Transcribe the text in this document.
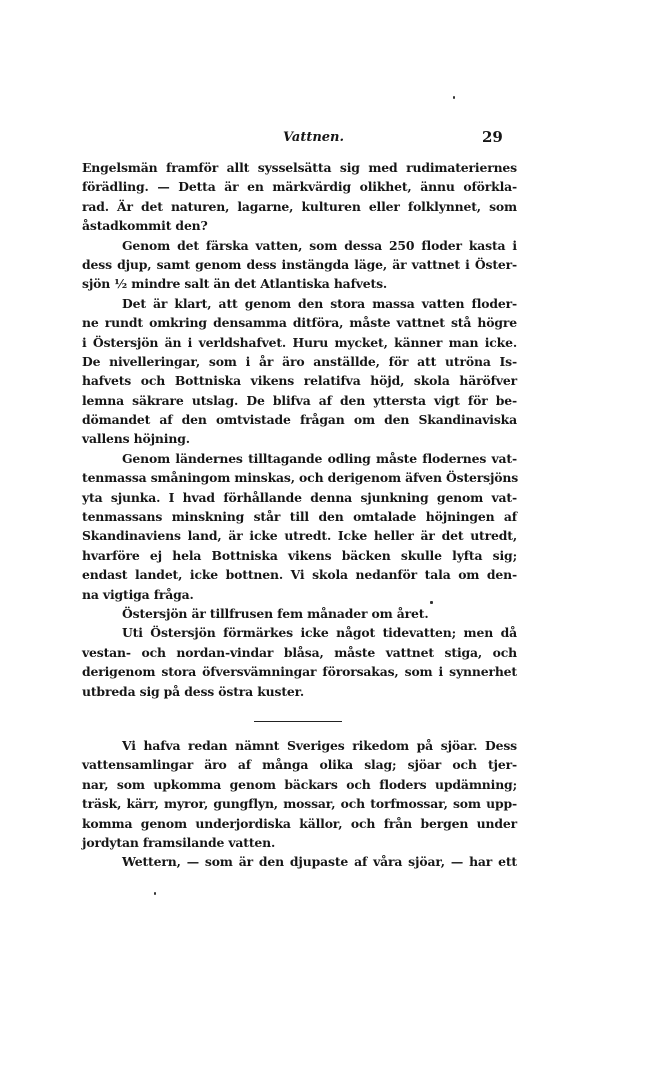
Vattnen.	29
Engelsmän framför allt sysselsätta sig med rudimateriernes
förädling. — Detta är en märkvärdig olikhet, ännu oförkla-
rad. Är det naturen, lagarne, kulturen eller folklynnet, som
åstadkommit den?
Genom det färska vatten, som dessa 250 floder kasta i
dess djup, samt genom dess instängda läge, är vattnet i Öster-
sjön ½ mindre salt än det Atlantiska hafvets.
Det är klart, att genom den stora massa vatten floder-
ne rundt omkring densamma ditföra, måste vattnet stå högre
i Östersjön än i verldshafvet. Huru mycket, känner man icke.
De nivelleringar, som i år äro anställde, för att utröna Is-
hafvets och Bottniska vikens relatifva höjd, skola häröfver
lemna säkrare utslag. De blifva af den yttersta vigt för be-
dömandet af den omtvistade frågan om den Skandinaviska
vallens höjning.
Genom ländernes tilltagande odling måste flodernes vat-
tenmassa småningom minskas, och derigenom äfven Östersjöns
yta sjunka. I hvad förhållande denna sjunkning genom vat-
tenmassans minskning står till den omtalade höjningen af
Skandinaviens land, är icke utredt. Icke heller är det utredt,
hvarföre ej hela Bottniska vikens bäcken skulle lyfta sig;
endast landet, icke bottnen. Vi skola nedanför tala om den-
na vigtiga fråga.
Östersjön är tillfrusen fem månader om året.
Uti Östersjön förmärkes icke något tidevatten; men då
vestan- och nordan-vindar blåsa, måste vattnet stiga, och
derigenom stora öfversvämningar förorsakas, som i synnerhet
utbreda sig på dess östra kuster.
Vi hafva redan nämnt Sveriges rikedom på sjöar. Dess
vattensamlingar äro af många olika slag; sjöar och tjer-
nar, som upkomma genom bäckars och floders updämning;
träsk, kärr, myror, gungflyn, mossar, och torfmossar, som upp-
komma genom underjordiska källor, och från bergen under
jordytan framsilande vatten.
Wettern, — som är den djupaste af våra sjöar, — har ett
